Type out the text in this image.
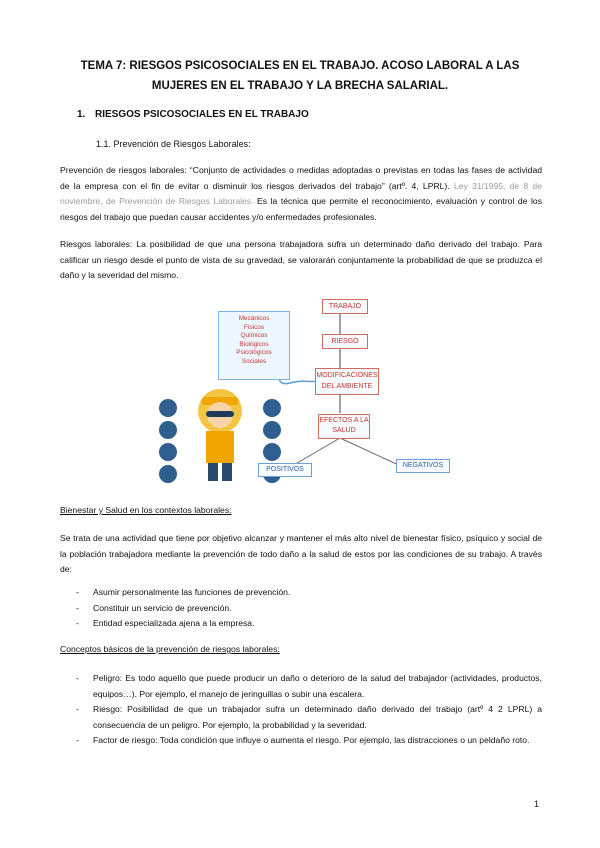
TEMA 7: RIESGOS PSICOSOCIALES EN EL TRABAJO. ACOSO LABORAL A LAS MUJERES EN EL TRABAJO Y LA BRECHA SALARIAL.
1. RIESGOS PSICOSOCIALES EN EL TRABAJO
1.1. Prevención de Riesgos Laborales:
Prevención de riesgos laborales: “Conjunto de actividades o medidas adoptadas o previstas en todas las fases de actividad de la empresa con el fin de evitar o disminuir los riesgos derivados del trabajo” (artº. 4, LPRL). Ley 31/1995, de 8 de noviembre, de Prevención de Riesgos Laborales. Es la técnica que permite el reconocimiento, evaluación y control de los riesgos del trabajo que puedan causar accidentes y/o enfermedades profesionales.
Riesgos laborales: La posibilidad de que una persona trabajadora sufra un determinado daño derivado del trabajo. Para calificar un riesgo desde el punto de vista de su gravedad, se valorarán conjuntamente la probabilidad de que se produzca el daño y la severidad del mismo.
Mecánicos
Físicos
Químicos
Biológicos
Psicológicos
Sociales
TRABAJO
RIESGO
MODIFICACIONES DEL AMBIENTE
EFECTOS A LA SALUD
POSITIVOS
NEGATIVOS
Bienestar y Salud en los contextos laborales:
Se trata de una actividad que tiene por objetivo alcanzar y mantener el más alto nivel de bienestar físico, psíquico y social de la población trabajadora mediante la prevención de todo daño a la salud de estos por las condiciones de su trabajo. A través de:
- Asumir personalmente las funciones de prevención.
- Constituir un servicio de prevención.
- Entidad especializada ajena a la empresa.
Conceptos básicos de la prevención de riesgos laborales:
- Peligro: Es todo aquello que puede producir un daño o deterioro de la salud del trabajador (actividades, productos, equipos…). Por ejemplo, el manejo de jeringuillas o subir una escalera.
- Riesgo: Posibilidad de que un trabajador sufra un determinado daño derivado del trabajo (artº 4 2 LPRL) a consecuencia de un peligro. Por ejemplo, la probabilidad y la severidad.
- Factor de riesgo: Toda condición que influye o aumenta el riesgo. Por ejemplo, las distracciones o un peldaño roto.
1
